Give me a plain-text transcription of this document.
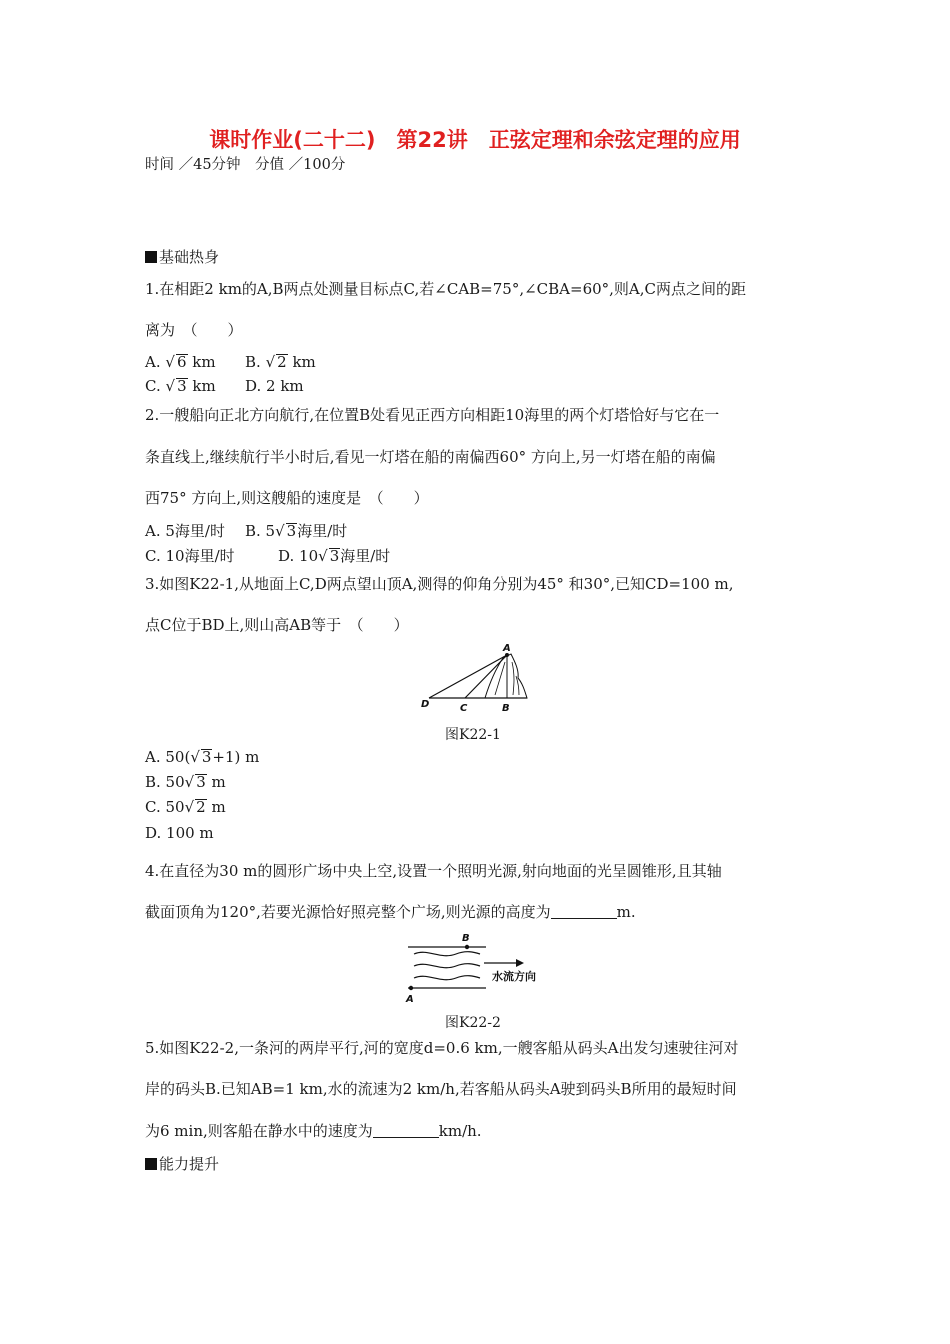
课时作业(二十二)　第22讲　正弦定理和余弦定理的应用
时间 ／45分钟　分值 ／100分
基础热身
1.在相距2 km的A,B两点处测量目标点C,若∠CAB=75°,∠CBA=60°,则A,C两点之间的距
离为　（　　）
A. √ 6 km B. √ 2 km
C. √ 3 km D. 2 km
2.一艘船向正北方向航行,在位置B处看见正西方向相距10海里的两个灯塔恰好与它在一
条直线上,继续航行半小时后,看见一灯塔在船的南偏西60° 方向上,另一灯塔在船的南偏
西75° 方向上,则这艘船的速度是　（　　）
A. 5海里/时 B. 5√ 3海里/时
C. 10海里/时	D. 10√ 3海里/时
3.如图K22-1,从地面上C,D两点望山顶A,测得的仰角分别为45° 和30°,已知CD=100 m,
点C位于BD上,则山高AB等于　（　　）
A
B
C
D
图K22-1
A. 50(√ 3+1) m
B. 50√ 3 m
C. 50√ 2 m
D. 100 m
4.在直径为30 m的圆形广场中央上空,设置一个照明光源,射向地面的光呈圆锥形,且其轴
截面顶角为120°,若要光源恰好照亮整个广场,则光源的高度为	m.
B
A
水流方向
图K22-2
5.如图K22-2,一条河的两岸平行,河的宽度d=0.6 km,一艘客船从码头A出发匀速驶往河对
岸的码头B.已知AB=1 km,水的流速为2 km/h,若客船从码头A驶到码头B所用的最短时间
为6 min,则客船在静水中的速度为	km/h.
能力提升
